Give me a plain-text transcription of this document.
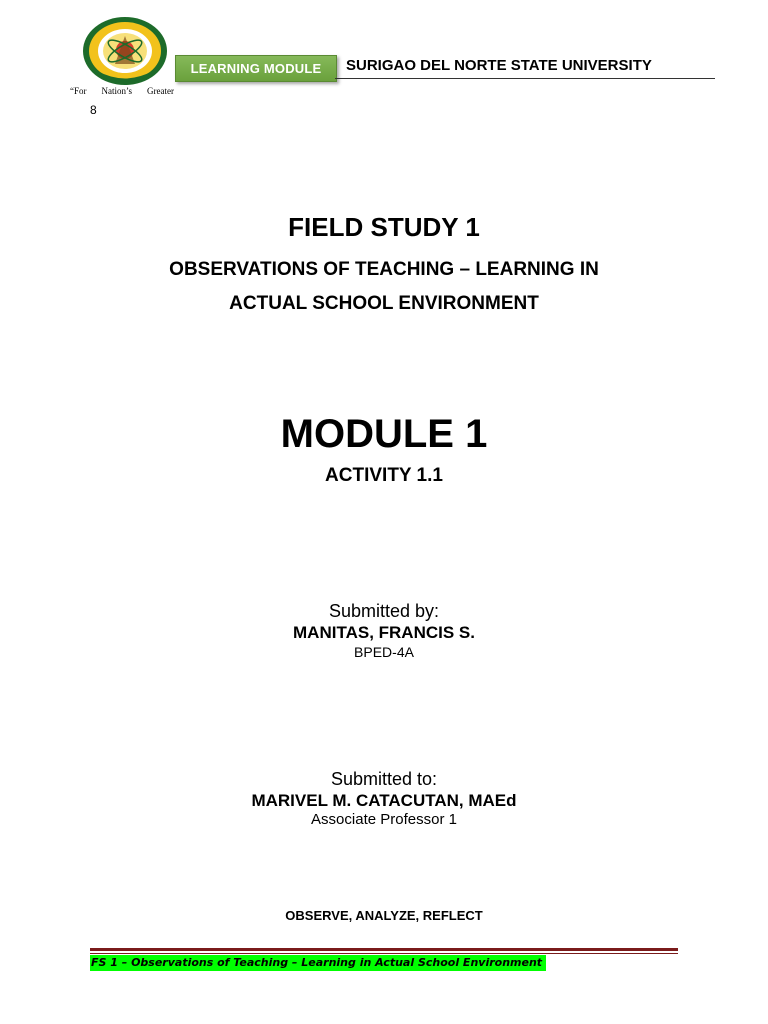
LEARNING MODULE	SURIGAO DEL NORTE STATE UNIVERSITY
“For Nation’s Greater
8
FIELD STUDY 1
OBSERVATIONS OF TEACHING – LEARNING IN
ACTUAL SCHOOL ENVIRONMENT
MODULE 1
ACTIVITY 1.1
Submitted by:
MANITAS, FRANCIS S.
BPED-4A
Submitted to:
MARIVEL M. CATACUTAN, MAEd
Associate Professor 1
OBSERVE, ANALYZE, REFLECT
FS 1 – Observations of Teaching – Learning in Actual School Environment
